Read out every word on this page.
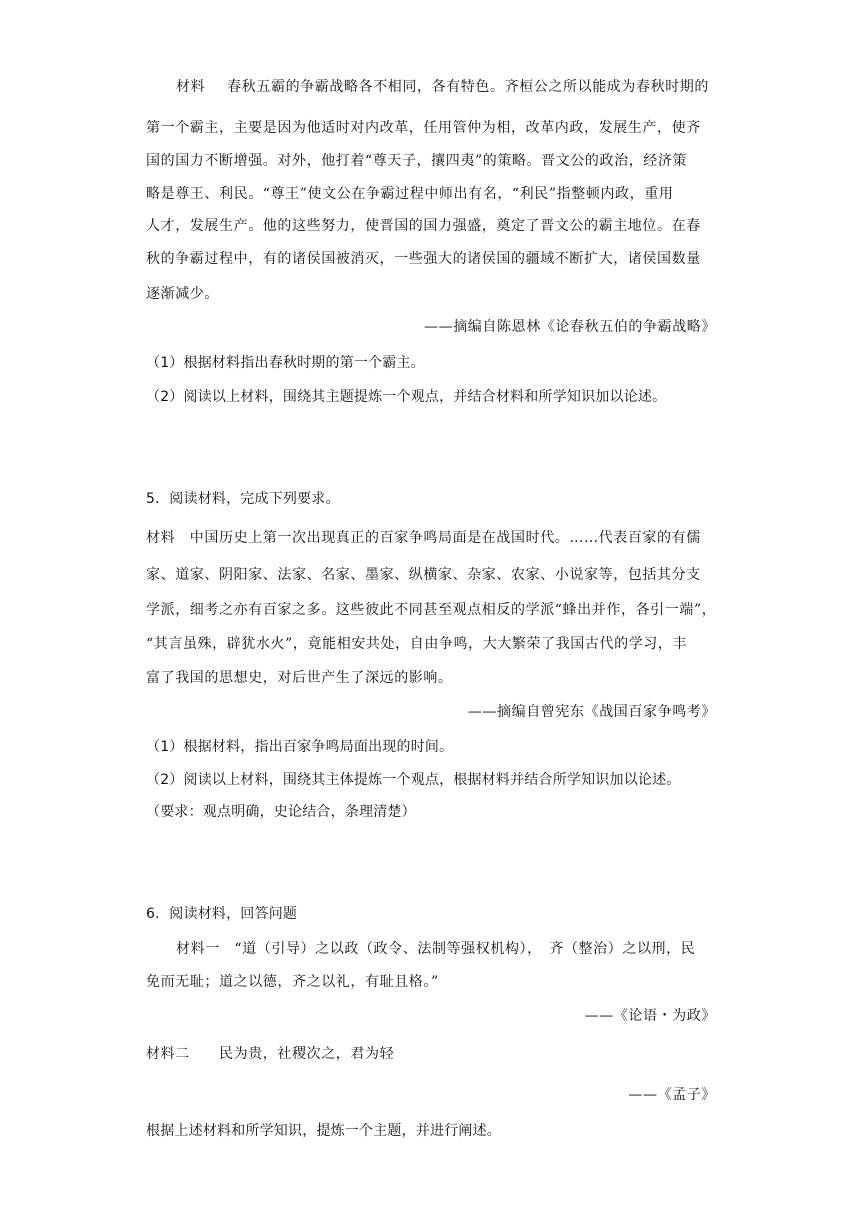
材料 春秋五霸的争霸战略各不相同，各有特色。齐桓公之所以能成为春秋时期的
第一个霸主，主要是因为他适时对内改革，任用管仲为相，改革内政，发展生产，使齐
国的国力不断增强。对外，他打着“尊天子，攘四夷”的策略。晋文公的政治，经济策
略是尊王、利民。“尊王”使文公在争霸过程中师出有名，“利民”指整顿内政，重用
人才，发展生产。他的这些努力，使晋国的国力强盛，奠定了晋文公的霸主地位。在春
秋的争霸过程中，有的诸侯国被消灭，一些强大的诸侯国的疆域不断扩大，诸侯国数量
逐渐减少。
——摘编自陈恩林《论春秋五伯的争霸战略》
（1）根据材料指出春秋时期的第一个霸主。
（2）阅读以上材料，围绕其主题提炼一个观点，并结合材料和所学知识加以论述。
5．阅读材料，完成下列要求。
材料　中国历史上第一次出现真正的百家争鸣局面是在战国时代。……代表百家的有儒
家、道家、阴阳家、法家、名家、墨家、纵横家、杂家、农家、小说家等，包括其分支
学派，细考之亦有百家之多。这些彼此不同甚至观点相反的学派“蜂出并作，各引一端”，
“其言虽殊，辟犹水火”，竟能相安共处，自由争鸣，大大繁荣了我国古代的学习，丰
富了我国的思想史，对后世产生了深远的影响。
——摘编自曾宪东《战国百家争鸣考》
（1）根据材料，指出百家争鸣局面出现的时间。
（2）阅读以上材料，围绕其主体提炼一个观点，根据材料并结合所学知识加以论述。
（要求：观点明确，史论结合，条理清楚）
6．阅读材料，回答问题
材料一　“道（引导）之以政（政令、法制等强权机构），　齐（整治）之以刑，民
免而无耻；道之以德，齐之以礼，有耻且格。”
——《论语・为政》
材料二　　民为贵，社稷次之，君为轻
——《孟子》
根据上述材料和所学知识，提炼一个主题，并进行阐述。
